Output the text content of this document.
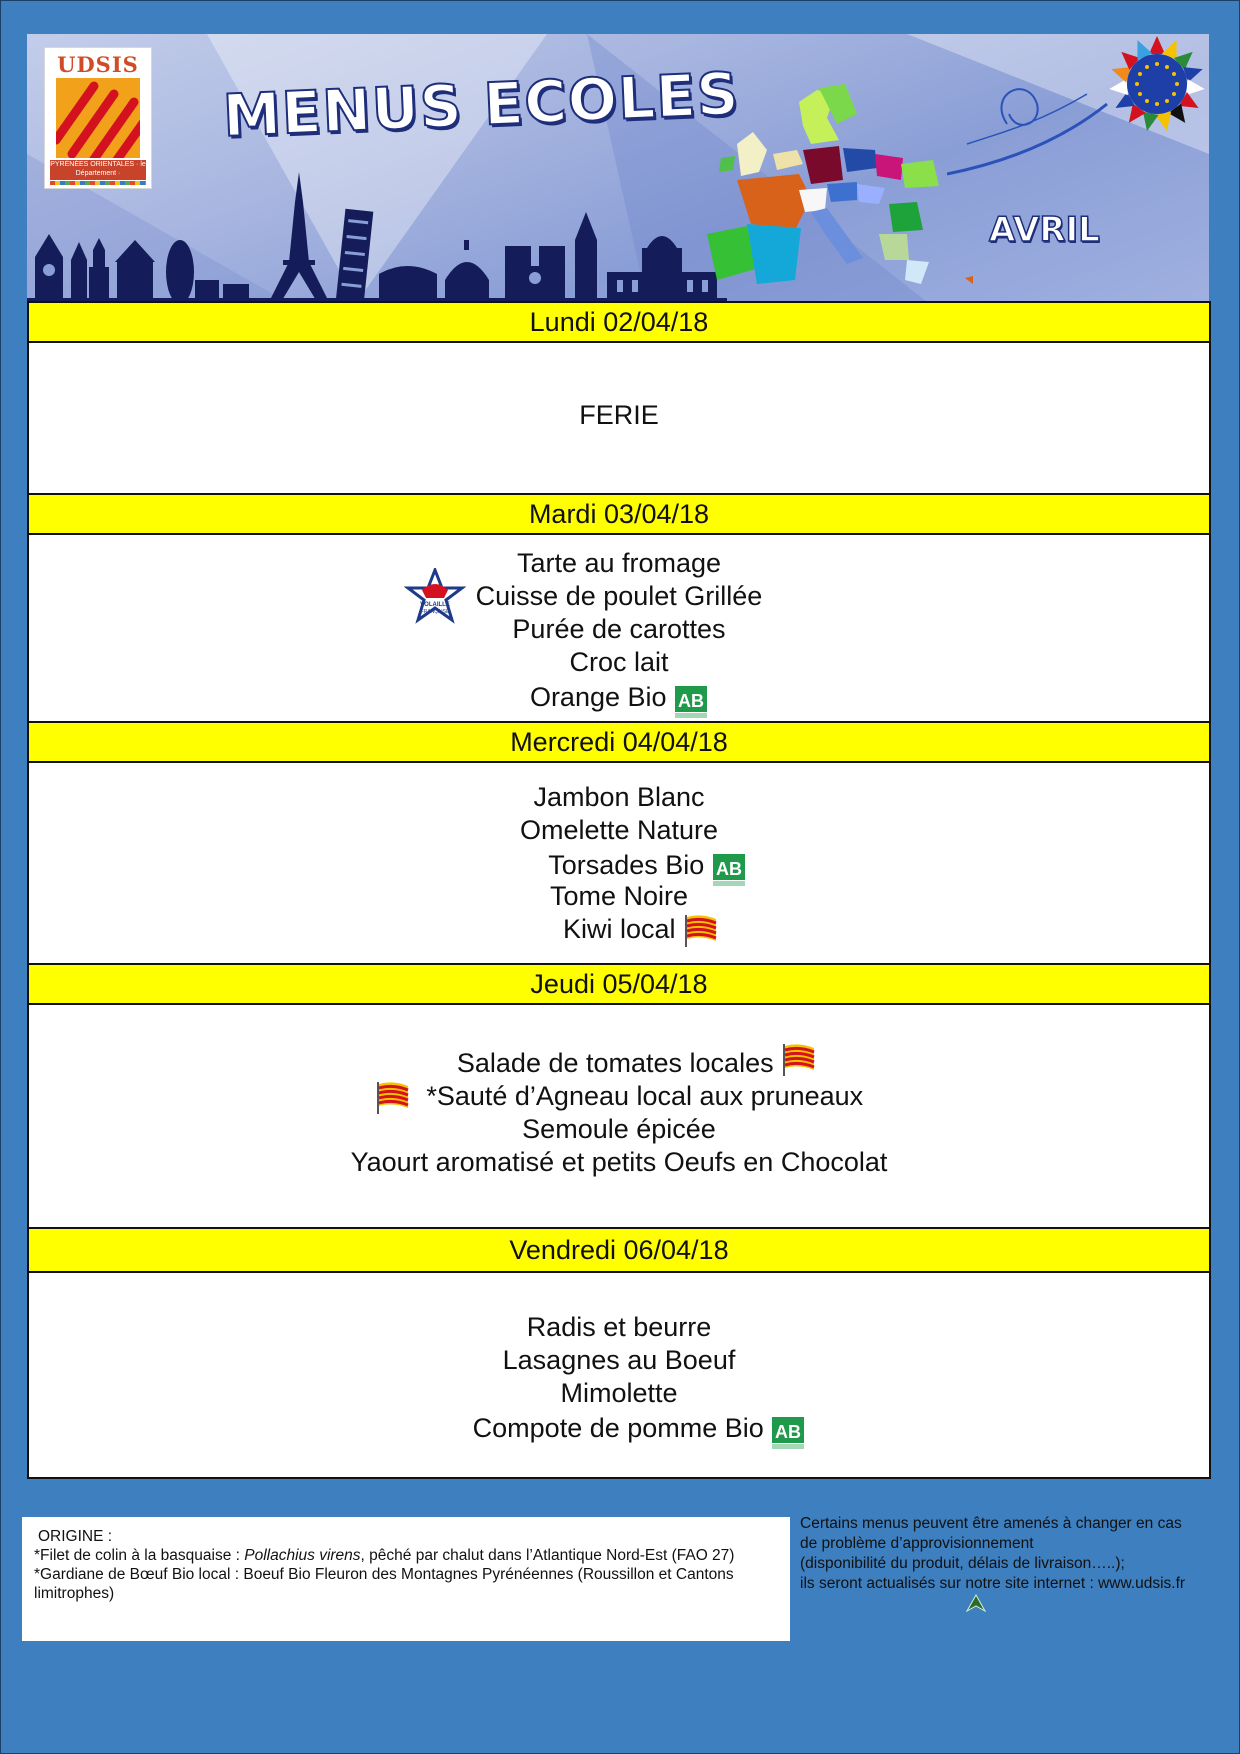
UDSIS
PYRÉNÉES ORIENTALES · le Département ·
MENUS ECOLES
AVRIL
Lundi 02/04/18
FERIE
Mardi 03/04/18
Tarte au fromage
VOLAILLE
FRANÇAISE
Cuisse de poulet Grillée
Purée de carottes
Croc lait
Orange Bio AB
Mercredi 04/04/18
Jambon Blanc
Omelette Nature
Torsades Bio AB
Tome Noire
Kiwi local
Jeudi 05/04/18
Salade de tomates locales
*Sauté d’Agneau local aux pruneaux
Semoule épicée
Yaourt aromatisé et petits Oeufs en Chocolat
Vendredi 06/04/18
Radis et beurre
Lasagnes au Boeuf
Mimolette
Compote de pomme Bio AB
ORIGINE :
*Filet de colin à la basquaise : Pollachius virens, pêché par chalut dans l’Atlantique Nord-Est (FAO 27)
*Gardiane de Bœuf Bio local : Boeuf Bio Fleuron des Montagnes Pyrénéennes (Roussillon et Cantons
limitrophes)
Certains menus peuvent être amenés à changer en cas
de problème d’approvisionnement
(disponibilité du produit, délais de livraison…..);
ils seront actualisés sur notre site internet : www.udsis.fr
